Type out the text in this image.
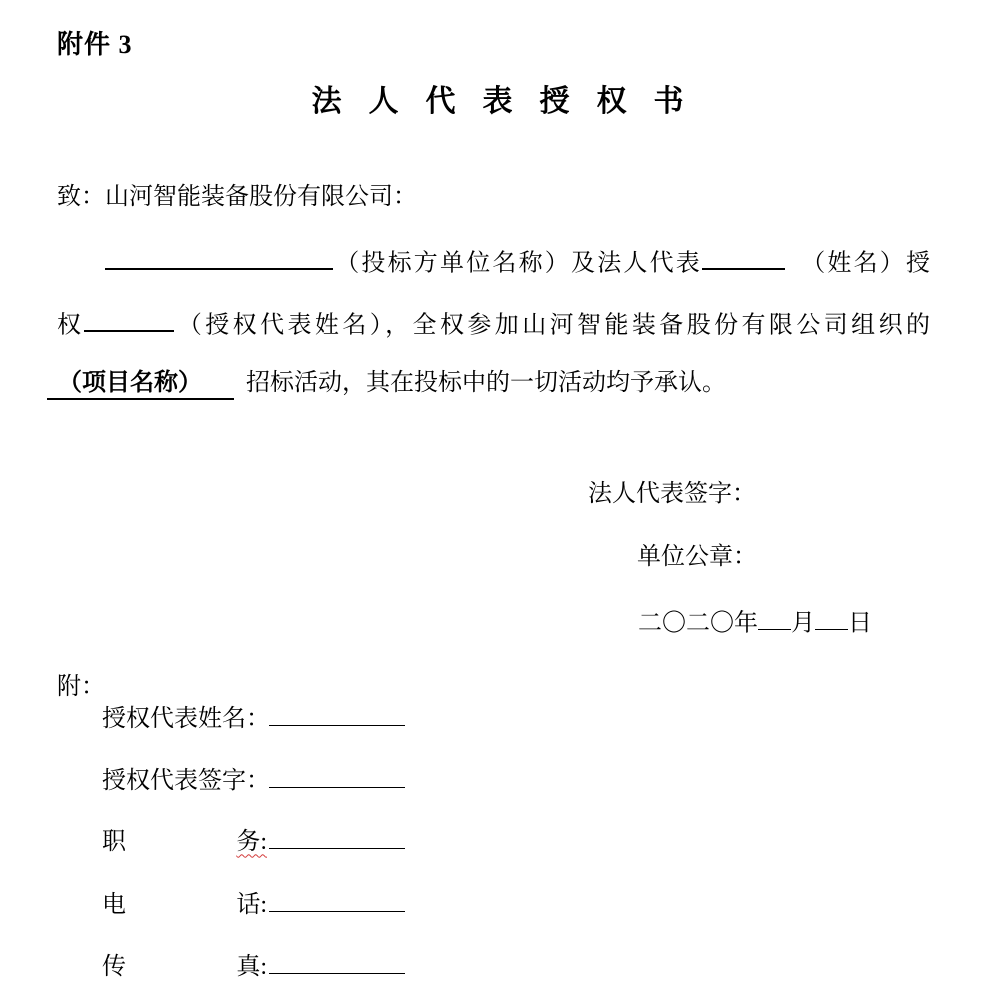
附件 3
法人代表授权书
致：山河智能装备股份有限公司：
（投标方单位名称）及法人代表	（姓名）授
权	（授权代表姓名），全权参加山河智能装备股份有限公司组织的
（项目名称） 招标活动，其在投标中的一切活动均予承认。
法人代表签字：
单位公章：
二〇二〇年 月 日
附：
授权代表姓名：
授权代表签字：
职	务:
电	话:
传	真:
